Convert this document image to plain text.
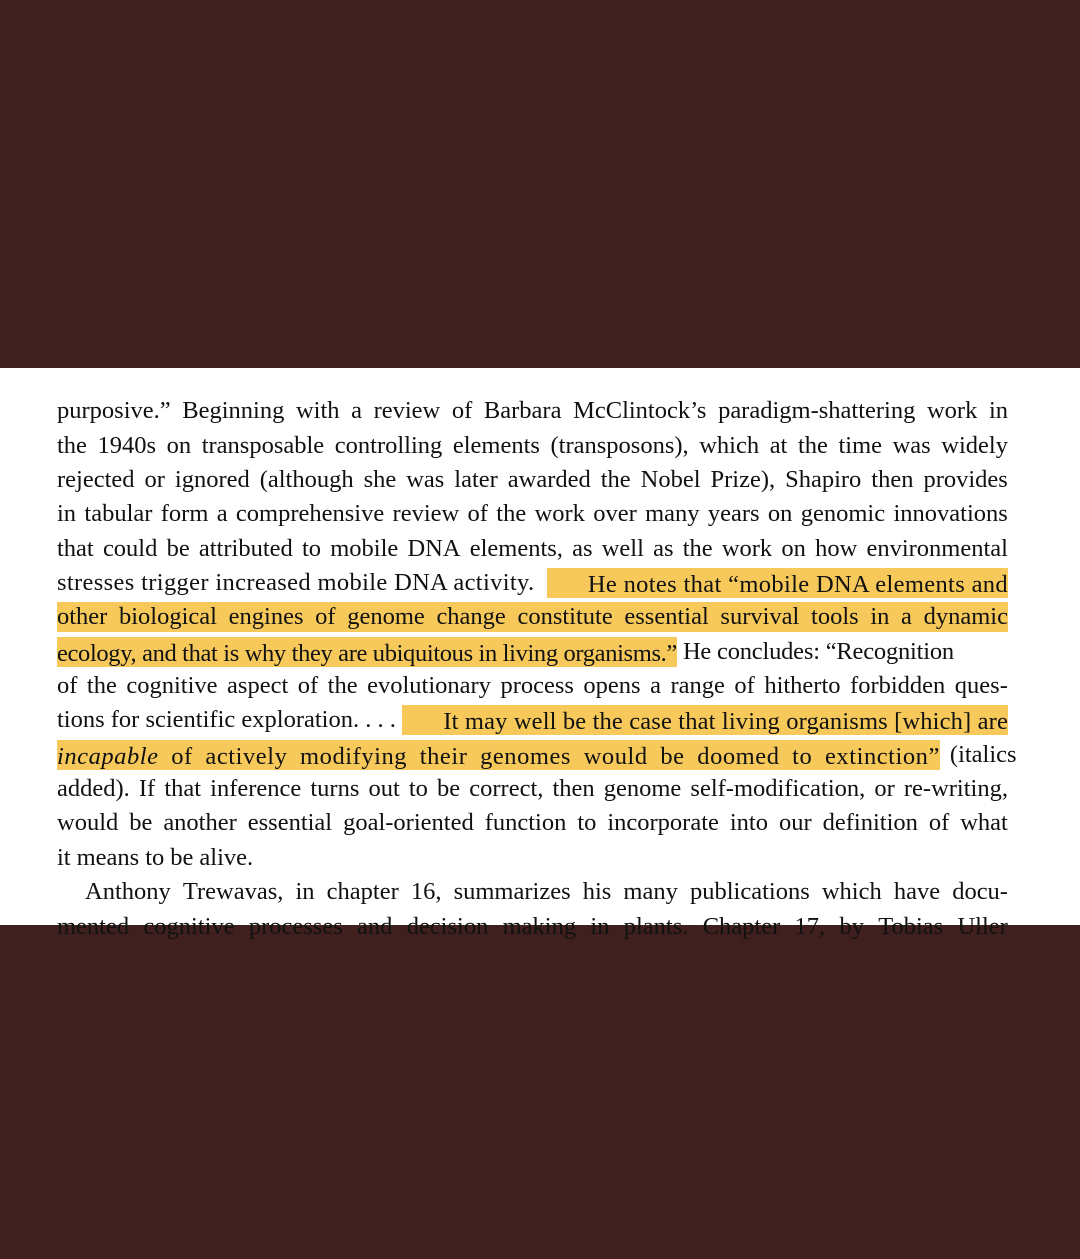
purposive.” Beginning with a review of Barbara McClintock’s paradigm-shattering work in
the 1940s on transposable controlling elements (transposons), which at the time was widely
rejected or ignored (although she was later awarded the Nobel Prize), Shapiro then provides
in tabular form a comprehensive review of the work over many years on genomic innovations
that could be attributed to mobile DNA elements, as well as the work on how environmental
stresses trigger increased mobile DNA activity.	He notes that “mobile DNA elements and
other biological engines of genome change constitute essential survival tools in a dynamic
ecology, and that is why they are ubiquitous in living organisms.” He concludes: “Recognition
of the cognitive aspect of the evolutionary process opens a range of hitherto forbidden ques-
tions for scientific exploration. . . .	It may well be the case that living organisms [which] are
incapable of actively modifying their genomes would be doomed to extinction” (italics
added). If that inference turns out to be correct, then genome self-modification, or re-writing,
would be another essential goal-oriented function to incorporate into our definition of what
it means to be alive.
Anthony Trewavas, in chapter 16, summarizes his many publications which have docu-
mented cognitive processes and decision making in plants. Chapter 17, by Tobias Uller
